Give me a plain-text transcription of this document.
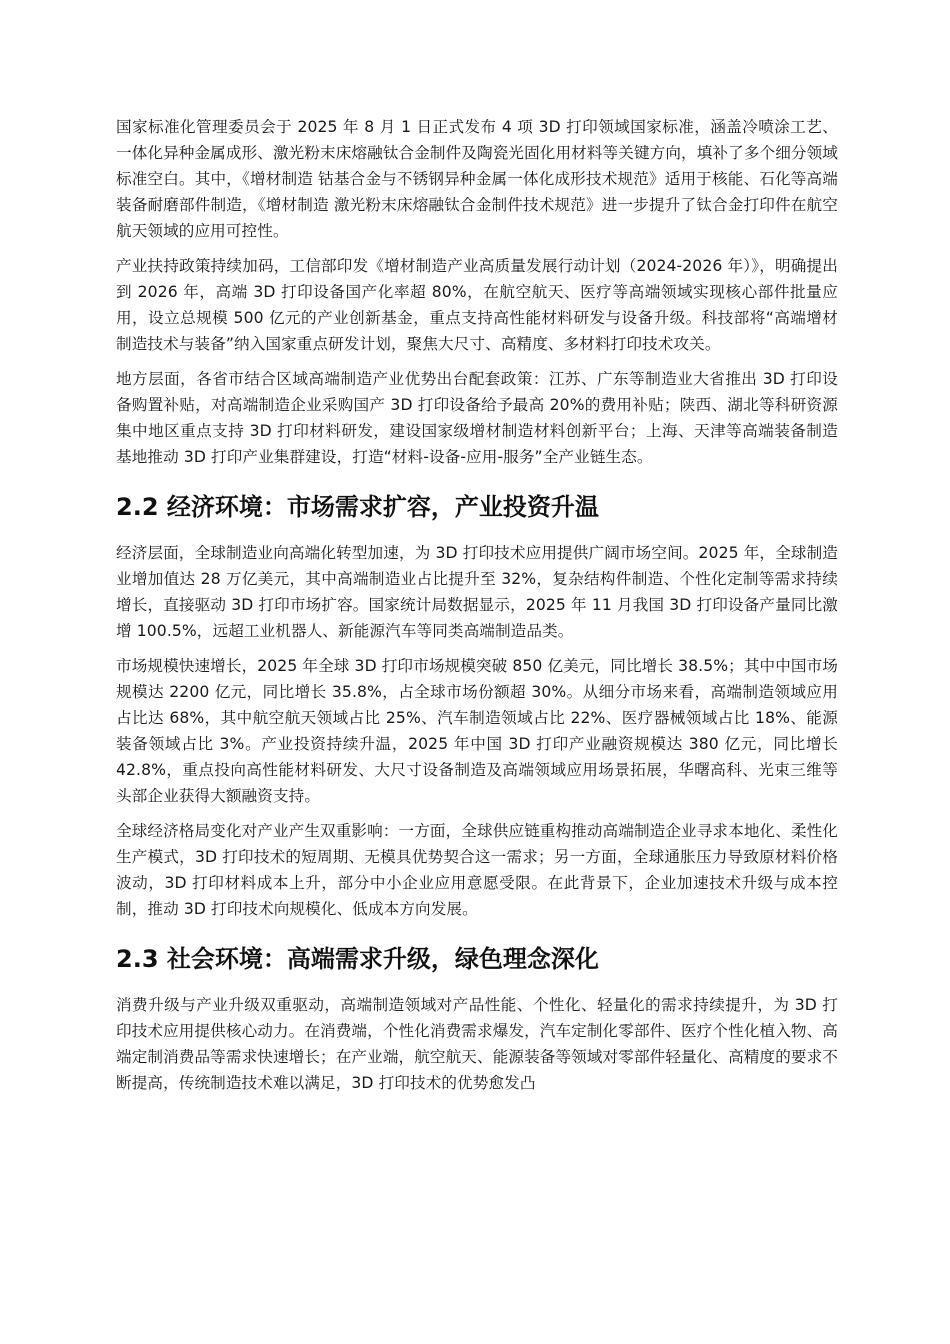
国家标准化管理委员会于 2025 年 8 月 1 日正式发布 4 项 3D 打印领域国家标准，涵盖冷喷涂工艺、一体化异种金属成形、激光粉末床熔融钛合金制件及陶瓷光固化用材料等关键方向，填补了多个细分领域标准空白。其中，《增材制造 钴基合金与不锈钢异种金属一体化成形技术规范》适用于核能、石化等高端装备耐磨部件制造，《增材制造 激光粉末床熔融钛合金制件技术规范》进一步提升了钛合金打印件在航空航天领域的应用可控性。

产业扶持政策持续加码，工信部印发《增材制造产业高质量发展行动计划（2024-2026 年）》，明确提出到 2026 年，高端 3D 打印设备国产化率超 80%，在航空航天、医疗等高端领域实现核心部件批量应用，设立总规模 500 亿元的产业创新基金，重点支持高性能材料研发与设备升级。科技部将“高端增材制造技术与装备”纳入国家重点研发计划，聚焦大尺寸、高精度、多材料打印技术攻关。

地方层面，各省市结合区域高端制造产业优势出台配套政策：江苏、广东等制造业大省推出 3D 打印设备购置补贴，对高端制造企业采购国产 3D 打印设备给予最高 20%的费用补贴；陕西、湖北等科研资源集中地区重点支持 3D 打印材料研发，建设国家级增材制造材料创新平台；上海、天津等高端装备制造基地推动 3D 打印产业集群建设，打造“材料-设备-应用-服务”全产业链生态。

2.2 经济环境：市场需求扩容，产业投资升温

经济层面，全球制造业向高端化转型加速，为 3D 打印技术应用提供广阔市场空间。2025 年，全球制造业增加值达 28 万亿美元，其中高端制造业占比提升至 32%，复杂结构件制造、个性化定制等需求持续增长，直接驱动 3D 打印市场扩容。国家统计局数据显示，2025 年 11 月我国 3D 打印设备产量同比激增 100.5%，远超工业机器人、新能源汽车等同类高端制造品类。

市场规模快速增长，2025 年全球 3D 打印市场规模突破 850 亿美元，同比增长 38.5%；其中中国市场规模达 2200 亿元，同比增长 35.8%，占全球市场份额超 30%。从细分市场来看，高端制造领域应用占比达 68%，其中航空航天领域占比 25%、汽车制造领域占比 22%、医疗器械领域占比 18%、能源装备领域占比 3%。产业投资持续升温，2025 年中国 3D 打印产业融资规模达 380 亿元，同比增长 42.8%，重点投向高性能材料研发、大尺寸设备制造及高端领域应用场景拓展，华曙高科、光束三维等头部企业获得大额融资支持。

全球经济格局变化对产业产生双重影响：一方面，全球供应链重构推动高端制造企业寻求本地化、柔性化生产模式，3D 打印技术的短周期、无模具优势契合这一需求；另一方面，全球通胀压力导致原材料价格波动，3D 打印材料成本上升，部分中小企业应用意愿受限。在此背景下，企业加速技术升级与成本控制，推动 3D 打印技术向规模化、低成本方向发展。

2.3 社会环境：高端需求升级，绿色理念深化

消费升级与产业升级双重驱动，高端制造领域对产品性能、个性化、轻量化的需求持续提升，为 3D 打印技术应用提供核心动力。在消费端，个性化消费需求爆发，汽车定制化零部件、医疗个性化植入物、高端定制消费品等需求快速增长；在产业端，航空航天、能源装备等领域对零部件轻量化、高精度的要求不断提高，传统制造技术难以满足，3D 打印技术的优势愈发凸
